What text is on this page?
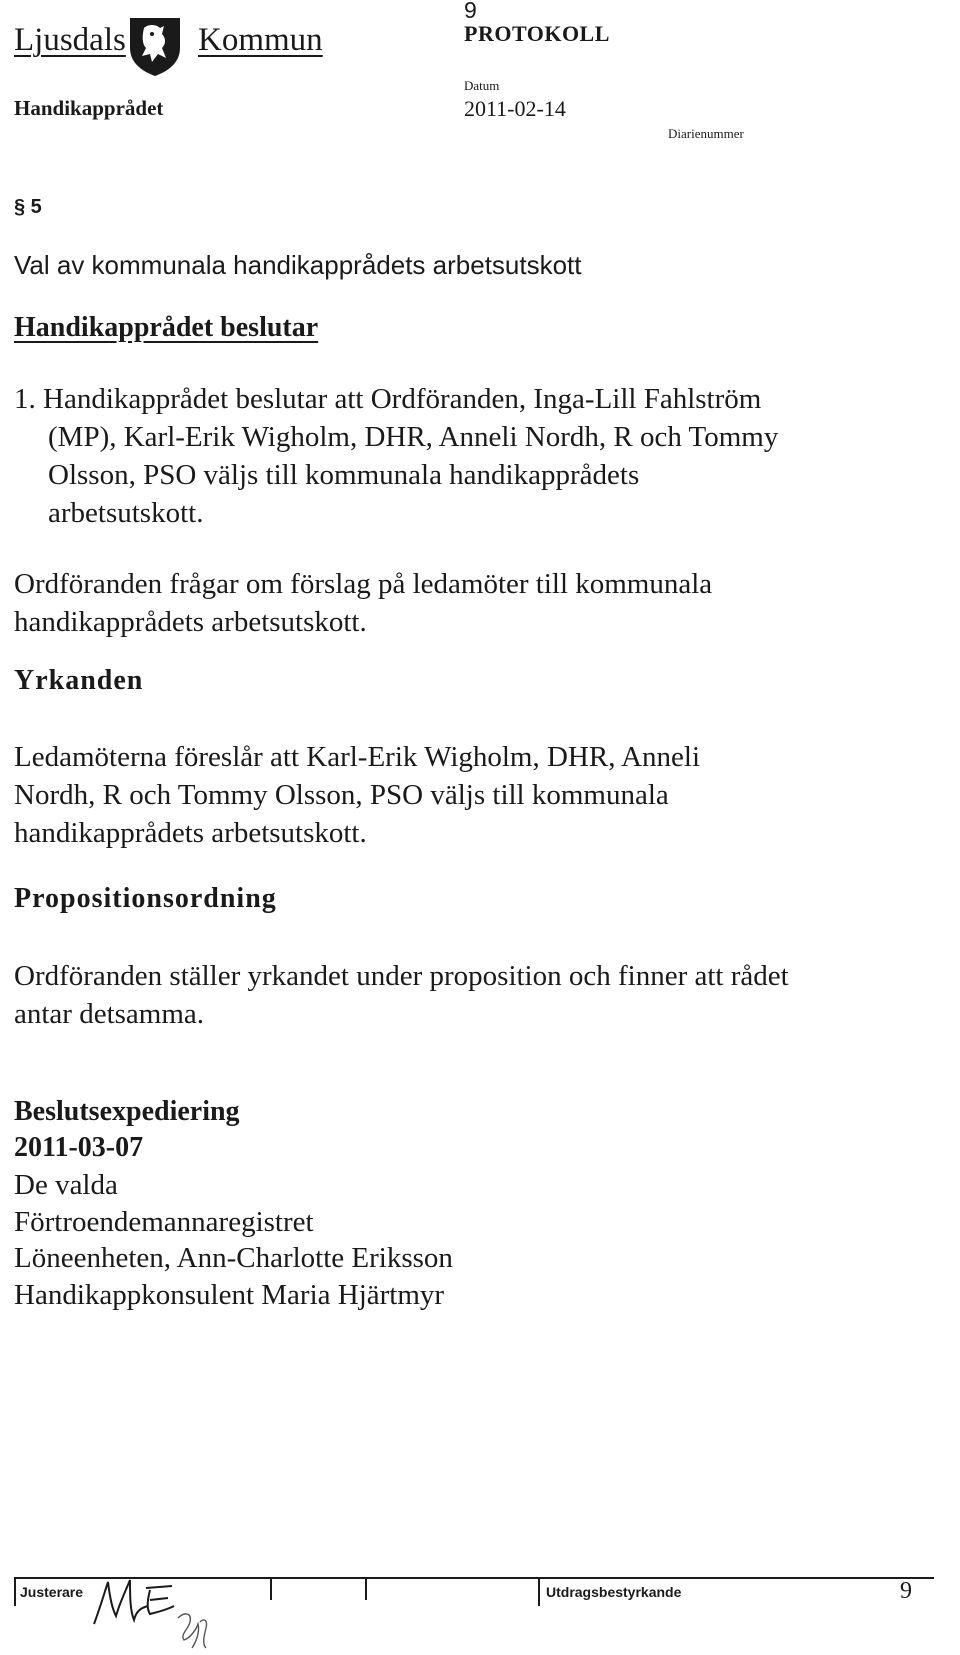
Ljusdals Kommun
Handikapprådet
9
PROTOKOLL
Datum
2011-02-14
Diarienummer
§ 5
Val av kommunala handikapprådets arbetsutskott
Handikapprådet beslutar

1. Handikapprådet beslutar att Ordföranden, Inga-Lill Fahlström (MP), Karl-Erik Wigholm, DHR, Anneli Nordh, R och Tommy Olsson, PSO väljs till kommunala handikapprådets arbetsutskott.

Ordföranden frågar om förslag på ledamöter till kommunala handikapprådets arbetsutskott.

Yrkanden

Ledamöterna föreslår att Karl-Erik Wigholm, DHR, Anneli Nordh, R och Tommy Olsson, PSO väljs till kommunala handikapprådets arbetsutskott.

Propositionsordning

Ordföranden ställer yrkandet under proposition och finner att rådet antar detsamma.

Beslutsexpediering
2011-03-07
De valda
Förtroendemannaregistret
Löneenheten, Ann-Charlotte Eriksson
Handikappkonsulent Maria Hjärtmyr
Justerare	Utdragsbestyrkande	9
